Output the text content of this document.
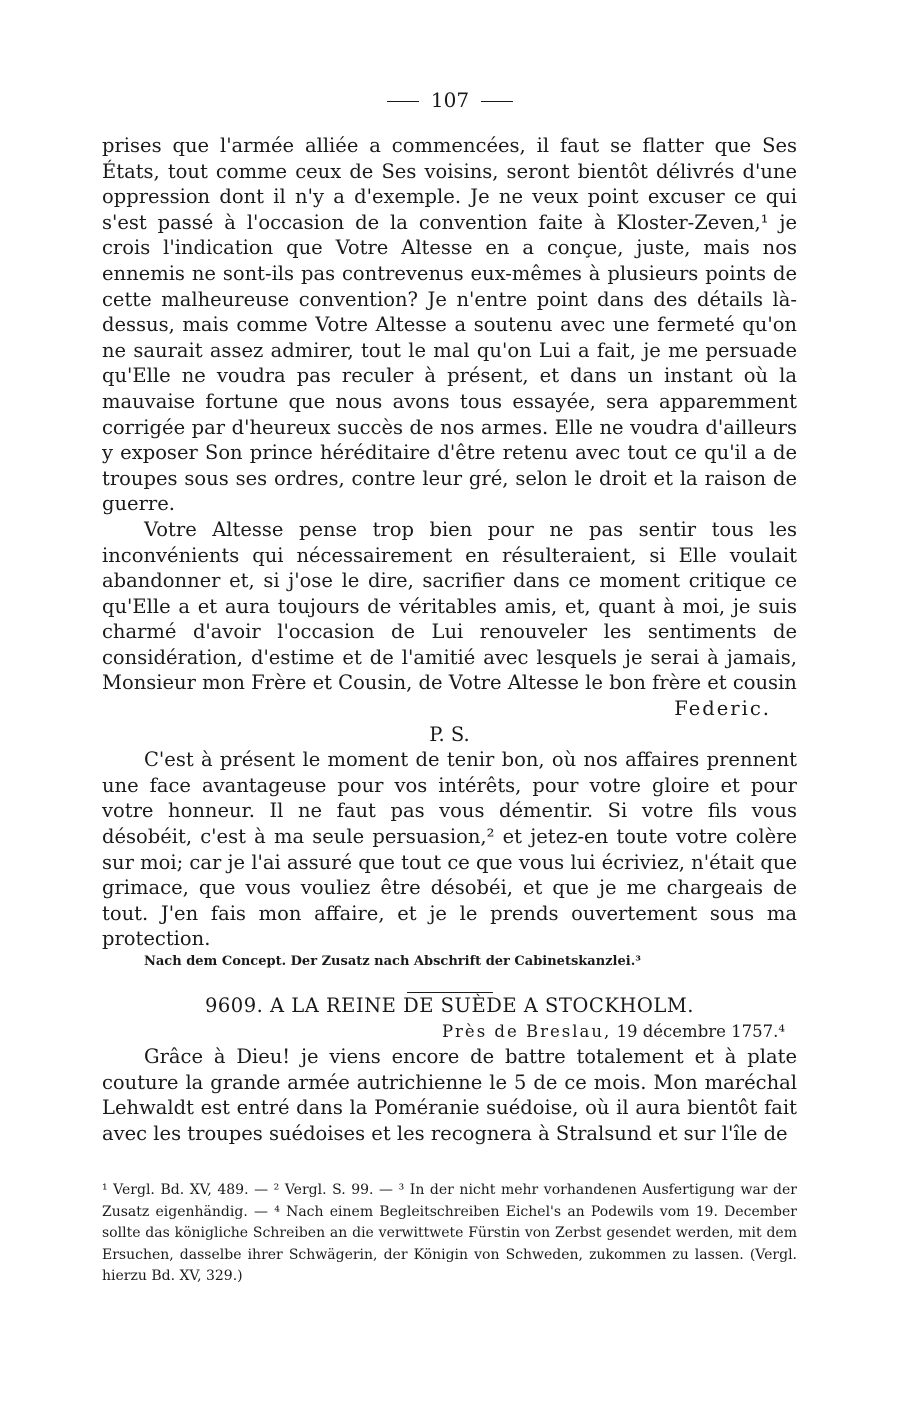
107

prises que l'armée alliée a commencées, il faut se flatter que Ses États, tout comme ceux de Ses voisins, seront bientôt délivrés d'une oppression dont il n'y a d'exemple. Je ne veux point excuser ce qui s'est passé à l'occasion de la convention faite à Kloster-Zeven,¹ je crois l'indication que Votre Altesse en a conçue, juste, mais nos ennemis ne sont-ils pas contrevenus eux-mêmes à plusieurs points de cette malheureuse convention? Je n'entre point dans des détails là-dessus, mais comme Votre Altesse a soutenu avec une fermeté qu'on ne saurait assez admirer, tout le mal qu'on Lui a fait, je me persuade qu'Elle ne voudra pas reculer à présent, et dans un instant où la mauvaise fortune que nous avons tous essayée, sera apparemment corrigée par d'heureux succès de nos armes. Elle ne voudra d'ailleurs y exposer Son prince héréditaire d'être retenu avec tout ce qu'il a de troupes sous ses ordres, contre leur gré, selon le droit et la raison de guerre.

Votre Altesse pense trop bien pour ne pas sentir tous les inconvénients qui nécessairement en résulteraient, si Elle voulait abandonner et, si j'ose le dire, sacrifier dans ce moment critique ce qu'Elle a et aura toujours de véritables amis, et, quant à moi, je suis charmé d'avoir l'occasion de Lui renouveler les sentiments de considération, d'estime et de l'amitié avec lesquels je serai à jamais, Monsieur mon Frère et Cousin, de Votre Altesse le bon frère et cousin

Federic.

P. S.

C'est à présent le moment de tenir bon, où nos affaires prennent une face avantageuse pour vos intérêts, pour votre gloire et pour votre honneur. Il ne faut pas vous démentir. Si votre fils vous désobéit, c'est à ma seule persuasion,² et jetez-en toute votre colère sur moi; car je l'ai assuré que tout ce que vous lui écriviez, n'était que grimace, que vous vouliez être désobéi, et que je me chargeais de tout. J'en fais mon affaire, et je le prends ouvertement sous ma protection.

Nach dem Concept. Der Zusatz nach Abschrift der Cabinetskanzlei.³

9609. A LA REINE DE SUÈDE A STOCKHOLM.

Près de Breslau, 19 décembre 1757.⁴

Grâce à Dieu! je viens encore de battre totalement et à plate couture la grande armée autrichienne le 5 de ce mois. Mon maréchal Lehwaldt est entré dans la Poméranie suédoise, où il aura bientôt fait avec les troupes suédoises et les recognera à Stralsund et sur l'île de

¹ Vergl. Bd. XV, 489. — ² Vergl. S. 99. — ³ In der nicht mehr vorhandenen Ausfertigung war der Zusatz eigenhändig. — ⁴ Nach einem Begleitschreiben Eichel's an Podewils vom 19. December sollte das königliche Schreiben an die verwittwete Fürstin von Zerbst gesendet werden, mit dem Ersuchen, dasselbe ihrer Schwägerin, der Königin von Schweden, zukommen zu lassen. (Vergl. hierzu Bd. XV, 329.)
